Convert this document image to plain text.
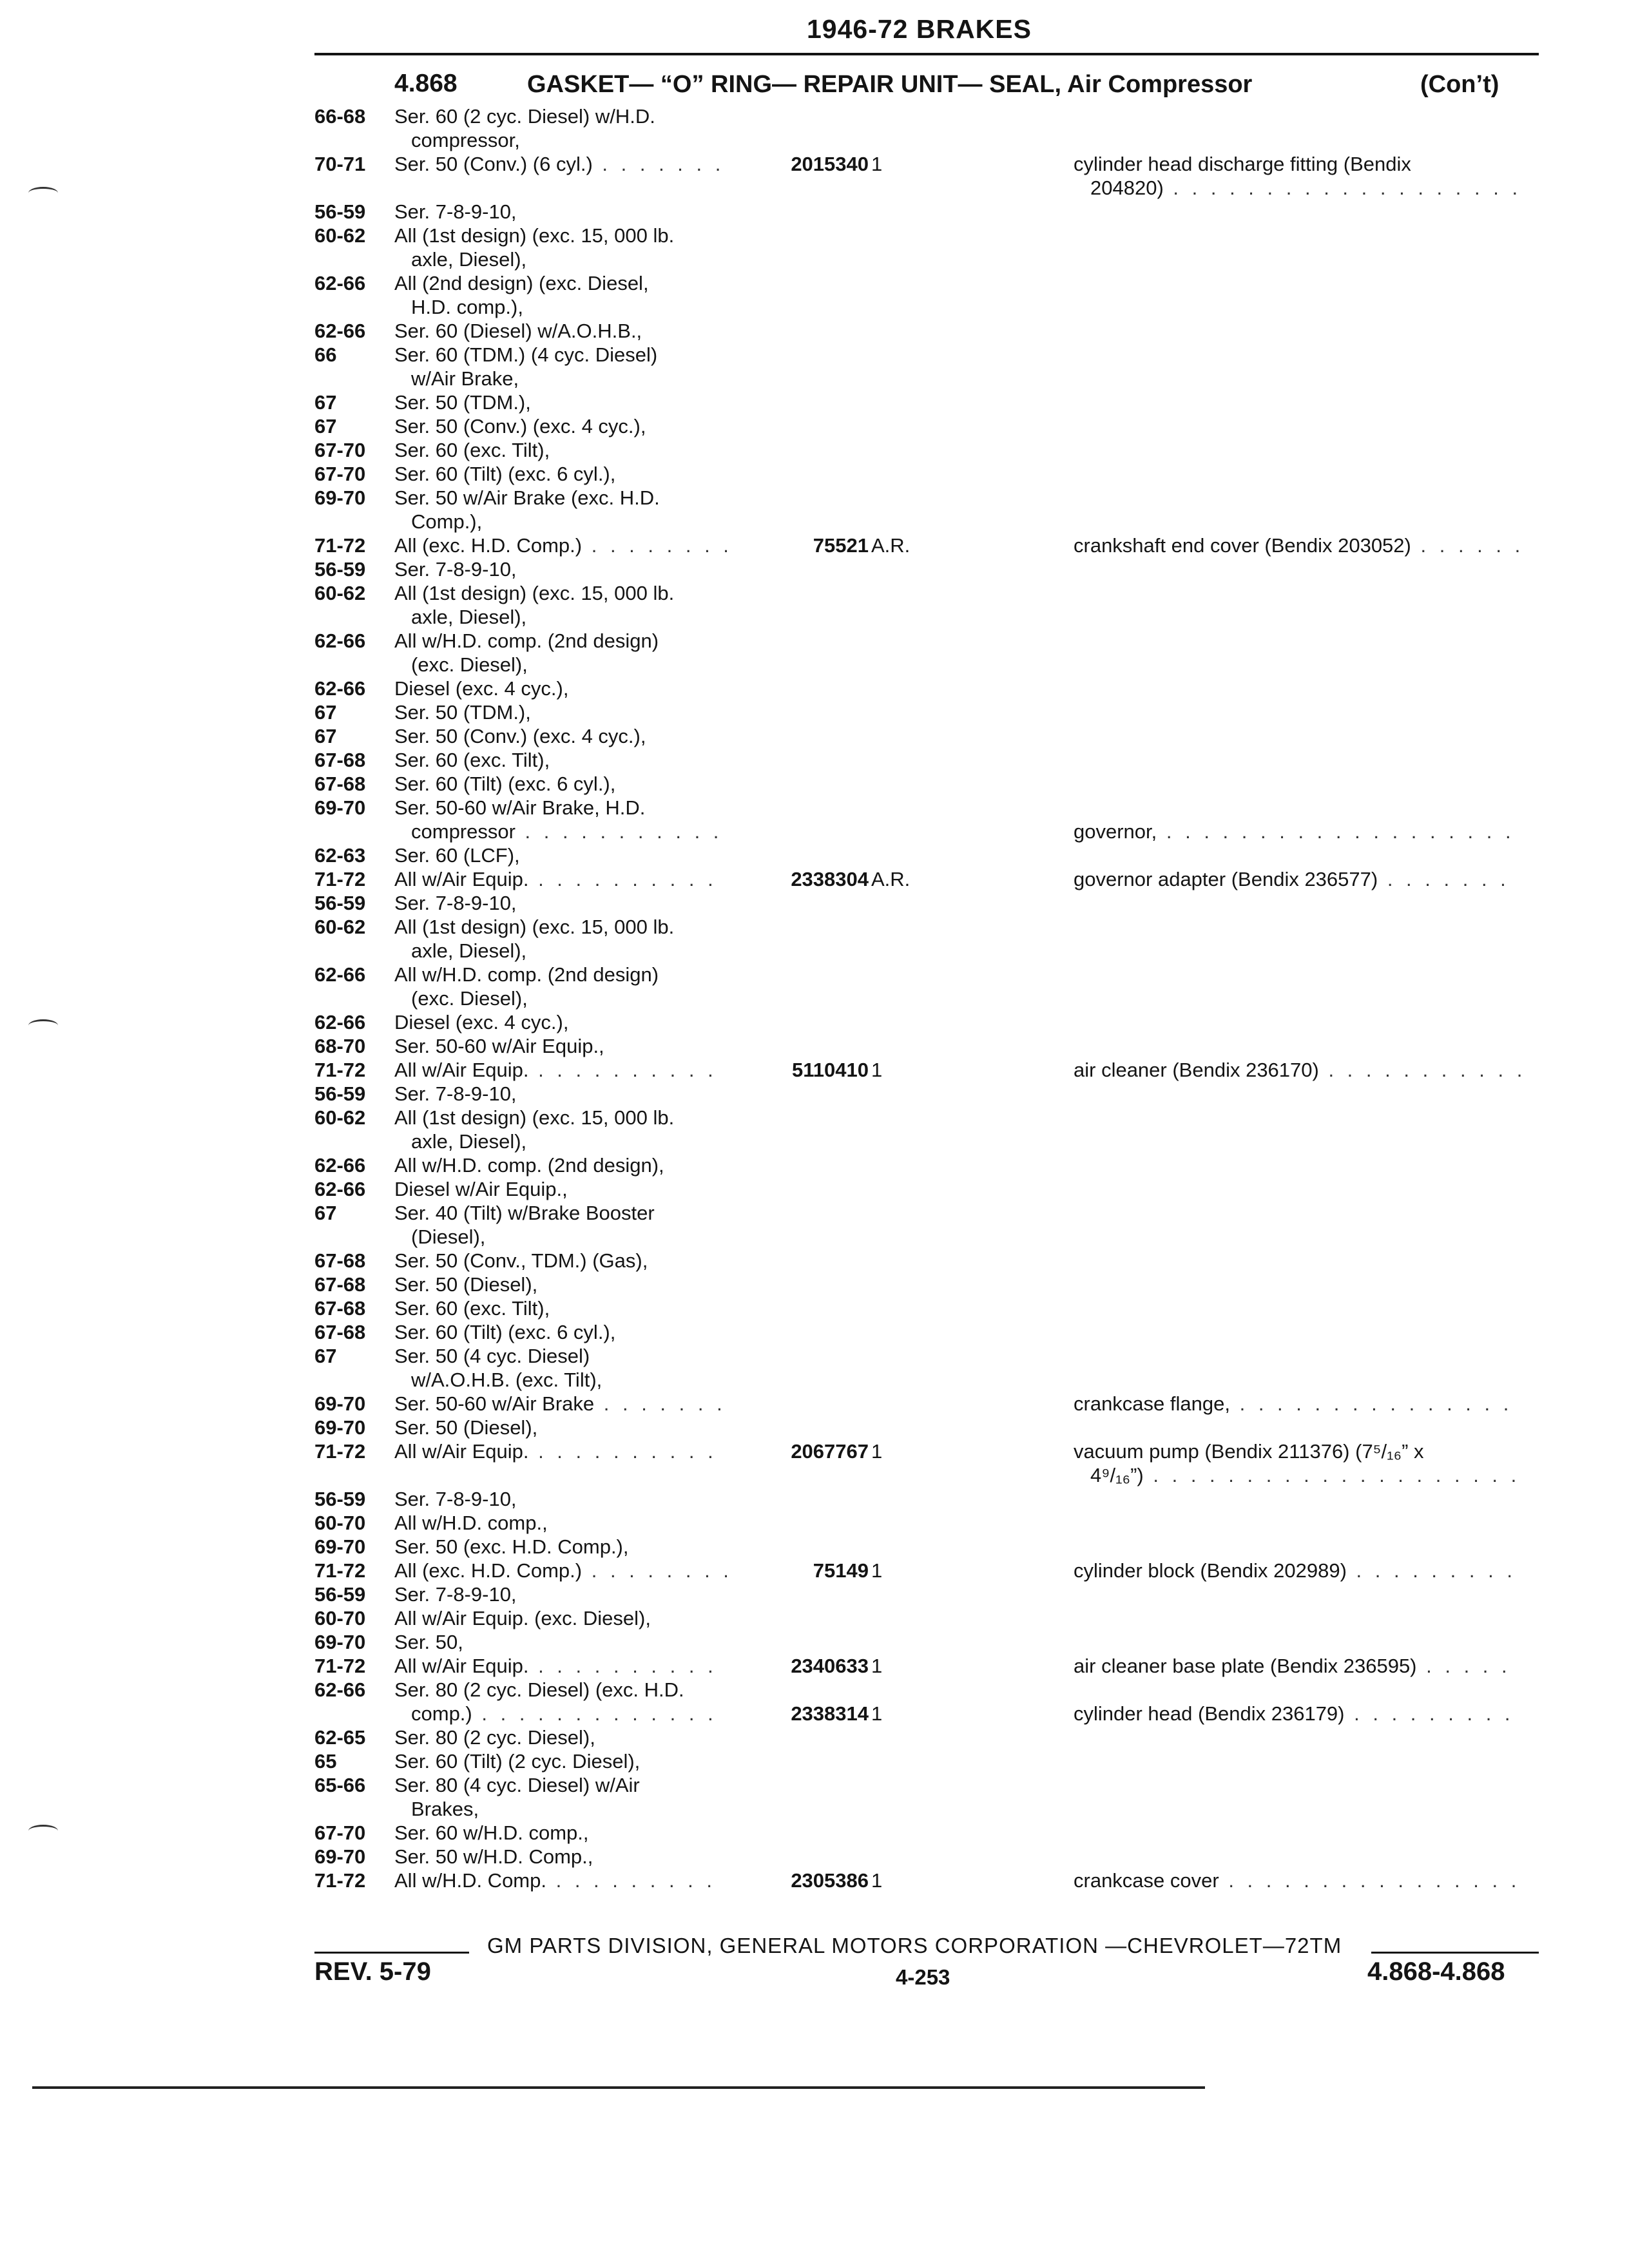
1946-72 BRAKES
4.868	GASKET— “O” RING— REPAIR UNIT— SEAL, Air Compressor	(Con’t)
66-68 Ser. 60 (2 cyc. Diesel) w/H.D.
compressor,
70-71 Ser. 50 (Conv.) (6 cyl.) . . . . . . .	2015340 1	cylinder head discharge fitting (Bendix
204820) . . . . . . . . . . . . . . . . . . .
56-59 Ser. 7-8-9-10,
60-62 All (1st design) (exc. 15, 000 lb.
axle, Diesel),
62-66 All (2nd design) (exc. Diesel,
H.D. comp.),
62-66 Ser. 60 (Diesel) w/A.O.H.B.,
66	Ser. 60 (TDM.) (4 cyc. Diesel)
w/Air Brake,
67	Ser. 50 (TDM.),
67	Ser. 50 (Conv.) (exc. 4 cyc.),
67-70 Ser. 60 (exc. Tilt),
67-70 Ser. 60 (Tilt) (exc. 6 cyl.),
69-70 Ser. 50 w/Air Brake (exc. H.D.
Comp.),
71-72 All (exc. H.D. Comp.) . . . . . . . .	75521 A.R.	crankshaft end cover (Bendix 203052) . . . . . .
56-59 Ser. 7-8-9-10,
60-62 All (1st design) (exc. 15, 000 lb.
axle, Diesel),
62-66 All w/H.D. comp. (2nd design)
(exc. Diesel),
62-66 Diesel (exc. 4 cyc.),
67	Ser. 50 (TDM.),
67	Ser. 50 (Conv.) (exc. 4 cyc.),
67-68 Ser. 60 (exc. Tilt),
67-68 Ser. 60 (Tilt) (exc. 6 cyl.),
69-70 Ser. 50-60 w/Air Brake, H.D.
compressor . . . . . . . . . . .	governor, . . . . . . . . . . . . . . . . . . .
62-63 Ser. 60 (LCF),
71-72 All w/Air Equip. . . . . . . . . . .	2338304 A.R.	governor adapter (Bendix 236577) . . . . . . .
56-59 Ser. 7-8-9-10,
60-62 All (1st design) (exc. 15, 000 lb.
axle, Diesel),
62-66 All w/H.D. comp. (2nd design)
(exc. Diesel),
62-66 Diesel (exc. 4 cyc.),
68-70 Ser. 50-60 w/Air Equip.,
71-72 All w/Air Equip. . . . . . . . . . .	5110410 1	air cleaner (Bendix 236170) . . . . . . . . . . .
56-59 Ser. 7-8-9-10,
60-62 All (1st design) (exc. 15, 000 lb.
axle, Diesel),
62-66 All w/H.D. comp. (2nd design),
62-66 Diesel w/Air Equip.,
67	Ser. 40 (Tilt) w/Brake Booster
(Diesel),
67-68 Ser. 50 (Conv., TDM.) (Gas),
67-68 Ser. 50 (Diesel),
67-68 Ser. 60 (exc. Tilt),
67-68 Ser. 60 (Tilt) (exc. 6 cyl.),
67	Ser. 50 (4 cyc. Diesel)
w/A.O.H.B. (exc. Tilt),
69-70 Ser. 50-60 w/Air Brake . . . . . . .	crankcase flange, . . . . . . . . . . . . . . .
69-70 Ser. 50 (Diesel),
71-72 All w/Air Equip. . . . . . . . . . .	2067767 1	vacuum pump (Bendix 211376) (7⁵/₁₆” x
4⁹/₁₆”) . . . . . . . . . . . . . . . . . . . .
56-59 Ser. 7-8-9-10,
60-70 All w/H.D. comp.,
69-70 Ser. 50 (exc. H.D. Comp.),
71-72 All (exc. H.D. Comp.) . . . . . . . .	75149 1	cylinder block (Bendix 202989) . . . . . . . . .
56-59 Ser. 7-8-9-10,
60-70 All w/Air Equip. (exc. Diesel),
69-70 Ser. 50,
71-72 All w/Air Equip. . . . . . . . . . .	2340633 1	air cleaner base plate (Bendix 236595) . . . . .
62-66 Ser. 80 (2 cyc. Diesel) (exc. H.D.
comp.) . . . . . . . . . . . . .	2338314 1	cylinder head (Bendix 236179) . . . . . . . . .
62-65 Ser. 80 (2 cyc. Diesel),
65	Ser. 60 (Tilt) (2 cyc. Diesel),
65-66 Ser. 80 (4 cyc. Diesel) w/Air
Brakes,
67-70 Ser. 60 w/H.D. comp.,
69-70 Ser. 50 w/H.D. Comp.,
71-72 All w/H.D. Comp. . . . . . . . . .	2305386 1	crankcase cover . . . . . . . . . . . . . . . .
GM PARTS DIVISION, GENERAL MOTORS CORPORATION —CHEVROLET—72TM
REV. 5-79	4-253	4.868-4.868
